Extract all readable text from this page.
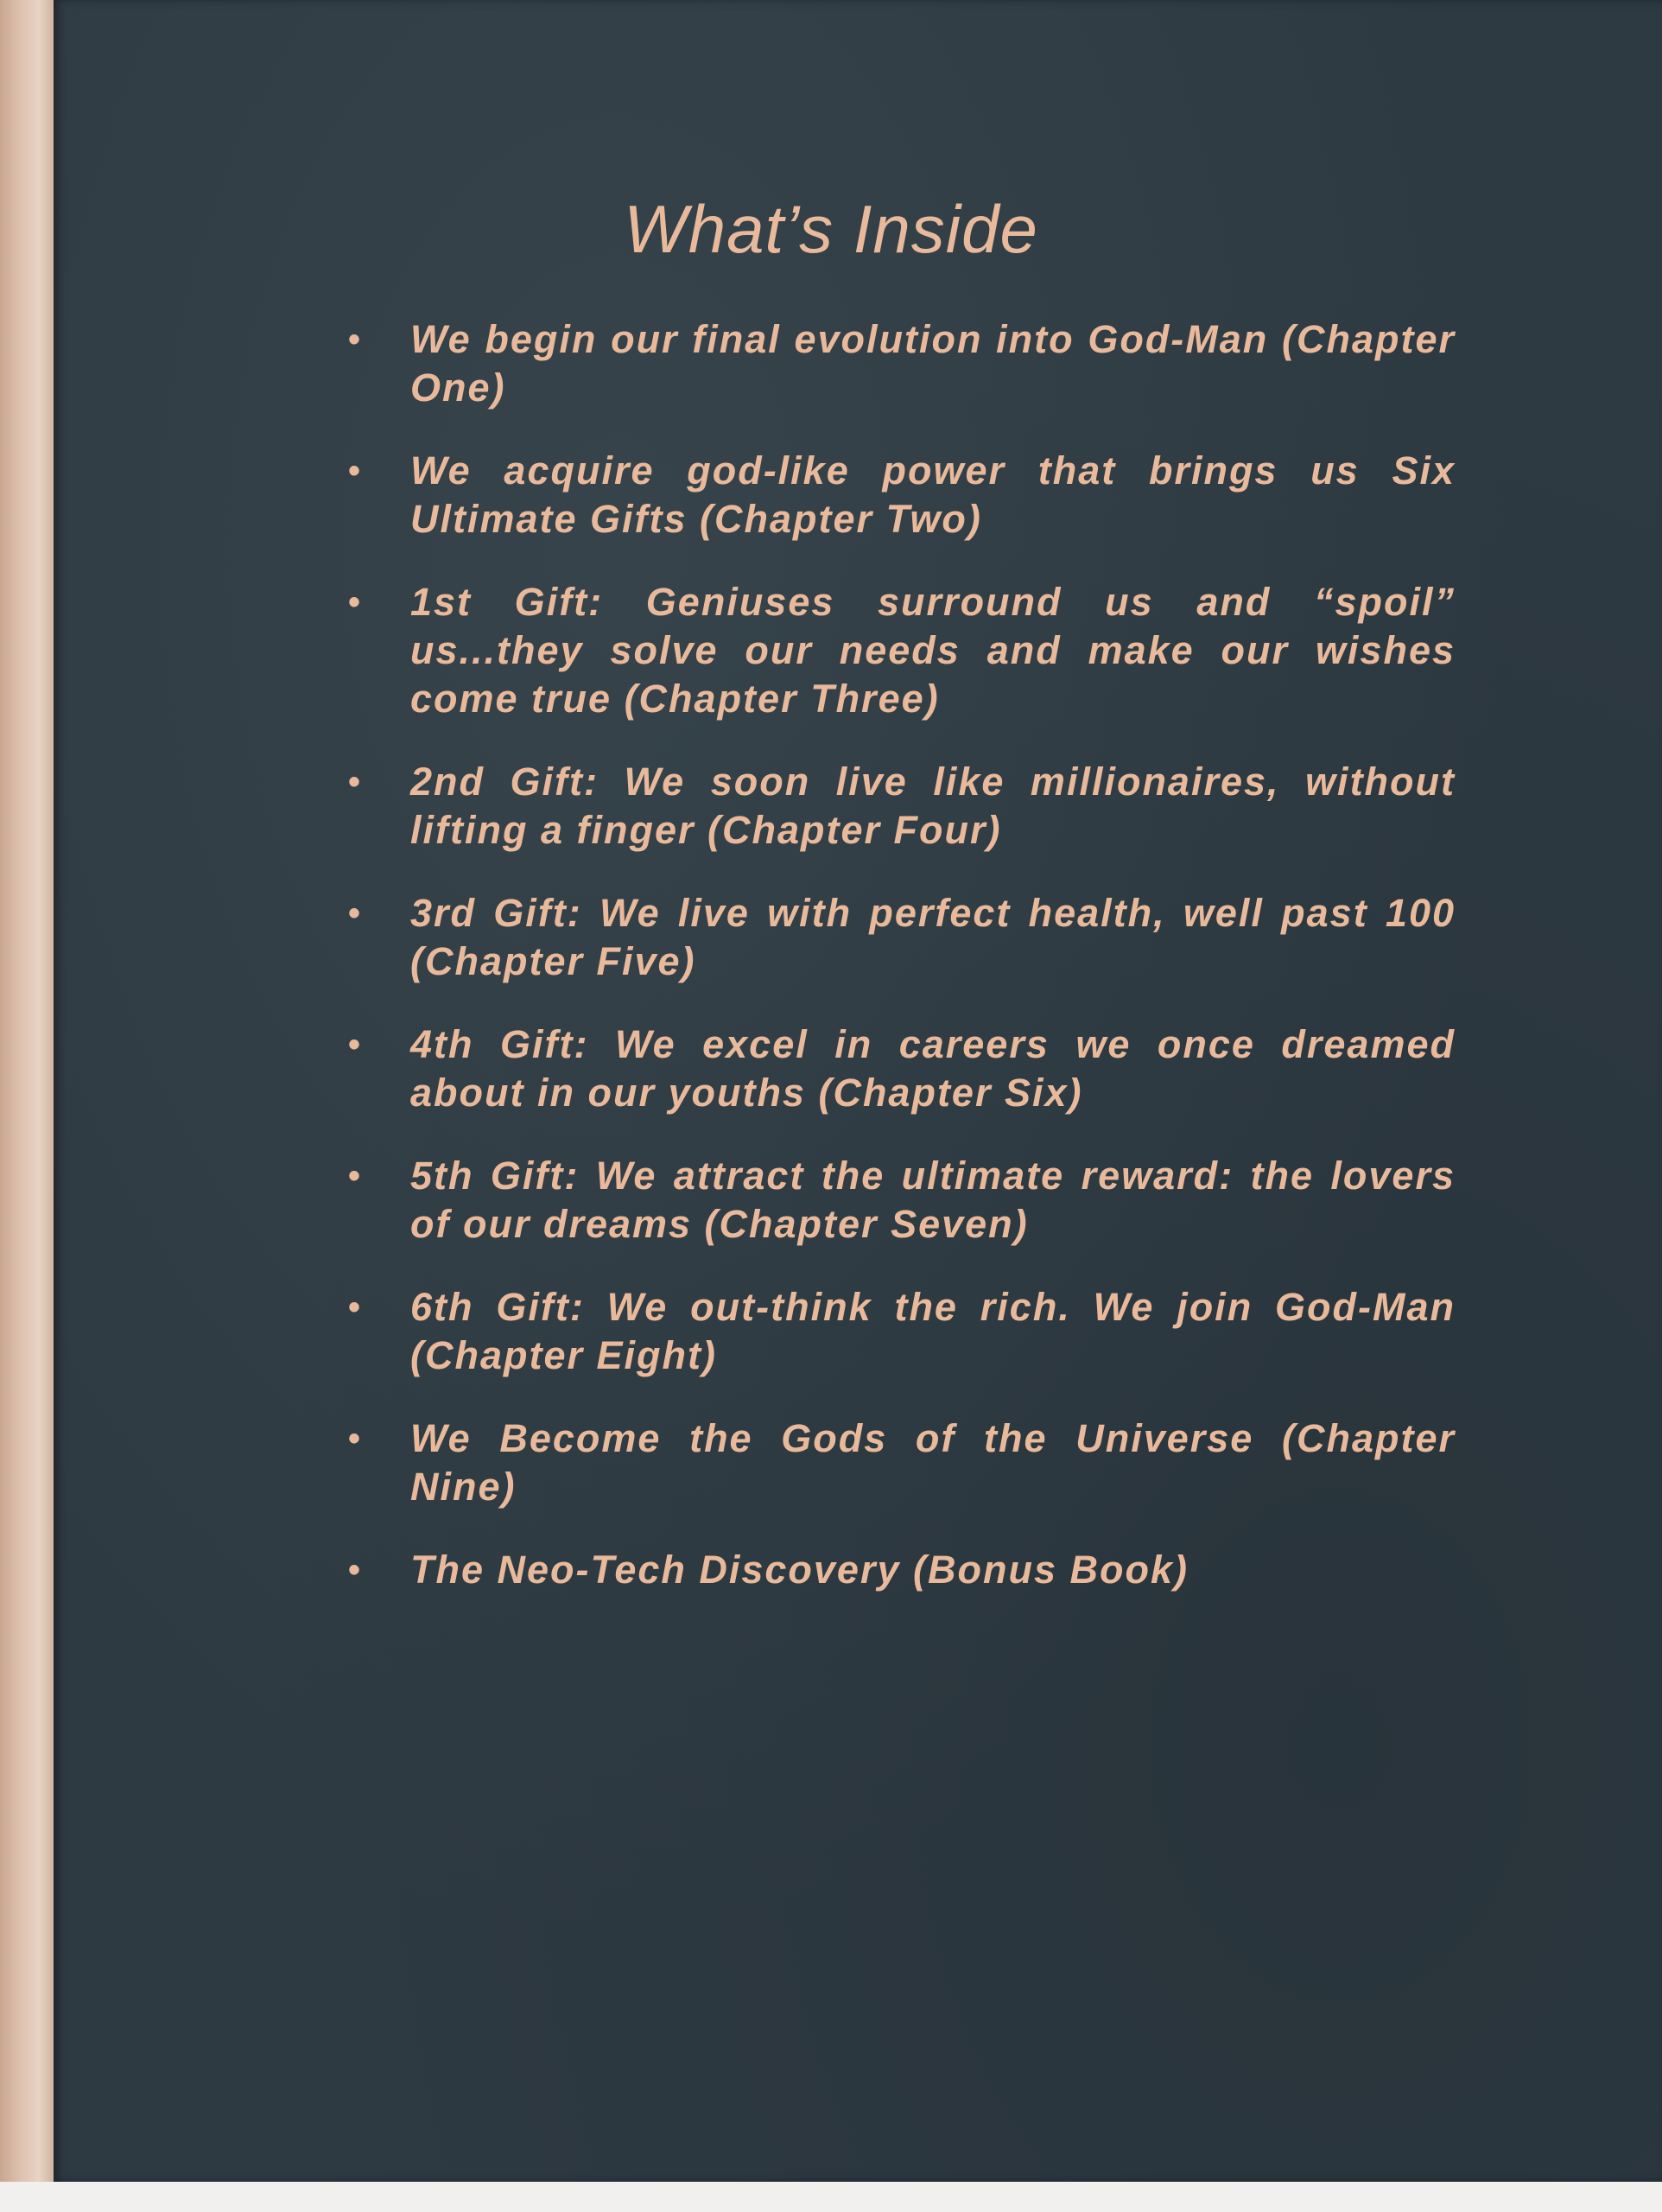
What’s Inside
• We begin our final evolution into God-Man (Chapter One)
• We acquire god-like power that brings us Six Ultimate Gifts (Chapter Two)
• 1st Gift: Geniuses surround us and “spoil” us...they solve our needs and make our wishes come true (Chapter Three)
• 2nd Gift: We soon live like millionaires, without lifting a finger (Chapter Four)
• 3rd Gift: We live with perfect health, well past 100 (Chapter Five)
• 4th Gift: We excel in careers we once dreamed about in our youths (Chapter Six)
• 5th Gift: We attract the ultimate reward: the lovers of our dreams (Chapter Seven)
• 6th Gift: We out-think the rich. We join God-Man (Chapter Eight)
• We Become the Gods of the Universe (Chapter Nine)
• The Neo-Tech Discovery (Bonus Book)
